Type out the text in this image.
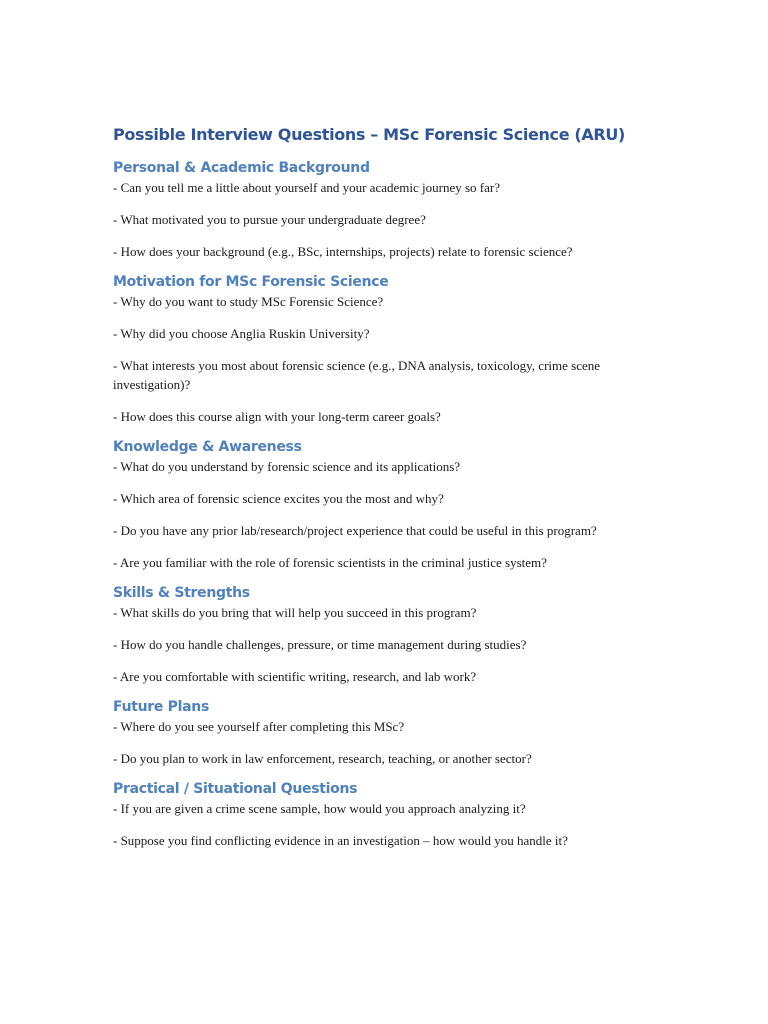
Possible Interview Questions – MSc Forensic Science (ARU)
Personal & Academic Background

- Can you tell me a little about yourself and your academic journey so far?

- What motivated you to pursue your undergraduate degree?

- How does your background (e.g., BSc, internships, projects) relate to forensic science?

Motivation for MSc Forensic Science

- Why do you want to study MSc Forensic Science?

- Why did you choose Anglia Ruskin University?

- What interests you most about forensic science (e.g., DNA analysis, toxicology, crime scene investigation)?

- How does this course align with your long-term career goals?

Knowledge & Awareness

- What do you understand by forensic science and its applications?

- Which area of forensic science excites you the most and why?

- Do you have any prior lab/research/project experience that could be useful in this program?

- Are you familiar with the role of forensic scientists in the criminal justice system?

Skills & Strengths

- What skills do you bring that will help you succeed in this program?

- How do you handle challenges, pressure, or time management during studies?

- Are you comfortable with scientific writing, research, and lab work?

Future Plans

- Where do you see yourself after completing this MSc?

- Do you plan to work in law enforcement, research, teaching, or another sector?

Practical / Situational Questions

- If you are given a crime scene sample, how would you approach analyzing it?

- Suppose you find conflicting evidence in an investigation – how would you handle it?
